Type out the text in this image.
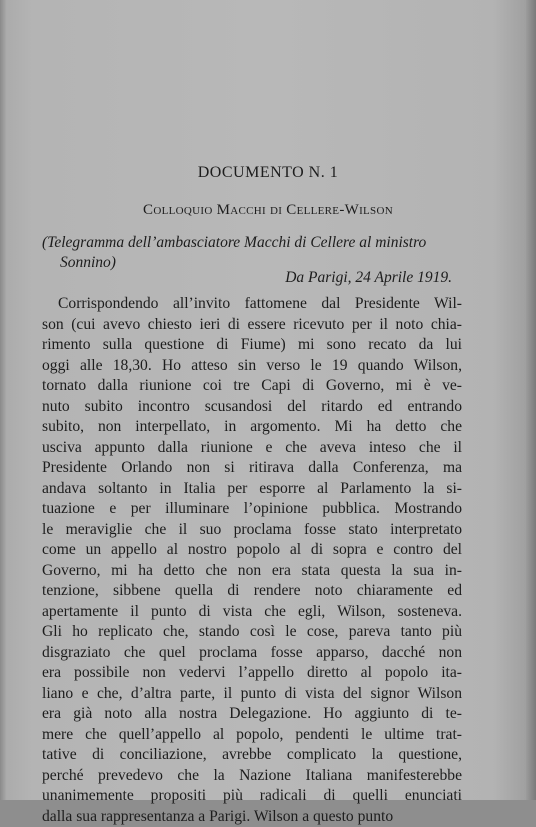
DOCUMENTO N. 1
Colloquio Macchi di Cellere-Wilson
(Telegramma dell’ambasciatore Macchi di Cellere al ministro
Sonnino)
Da Parigi, 24 Aprile 1919.
Corrispondendo all’invito fattomene dal Presidente Wil-
son (cui avevo chiesto ieri di essere ricevuto per il noto chia-
rimento sulla questione di Fiume) mi sono recato da lui
oggi alle 18,30. Ho atteso sin verso le 19 quando Wilson,
tornato dalla riunione coi tre Capi di Governo, mi è ve-
nuto subito incontro scusandosi del ritardo ed entrando
subito, non interpellato, in argomento. Mi ha detto che
usciva appunto dalla riunione e che aveva inteso che il
Presidente Orlando non si ritirava dalla Conferenza, ma
andava soltanto in Italia per esporre al Parlamento la si-
tuazione e per illuminare l’opinione pubblica. Mostrando
le meraviglie che il suo proclama fosse stato interpretato
come un appello al nostro popolo al di sopra e contro del
Governo, mi ha detto che non era stata questa la sua in-
tenzione, sibbene quella di rendere noto chiaramente ed
apertamente il punto di vista che egli, Wilson, sosteneva.
Gli ho replicato che, stando così le cose, pareva tanto più
disgraziato che quel proclama fosse apparso, dacché non
era possibile non vedervi l’appello diretto al popolo ita-
liano e che, d’altra parte, il punto di vista del signor Wilson
era già noto alla nostra Delegazione. Ho aggiunto di te-
mere che quell’appello al popolo, pendenti le ultime trat-
tative di conciliazione, avrebbe complicato la questione,
perché prevedevo che la Nazione Italiana manifesterebbe
unanimemente propositi più radicali di quelli enunciati
dalla sua rappresentanza a Parigi. Wilson a questo punto
